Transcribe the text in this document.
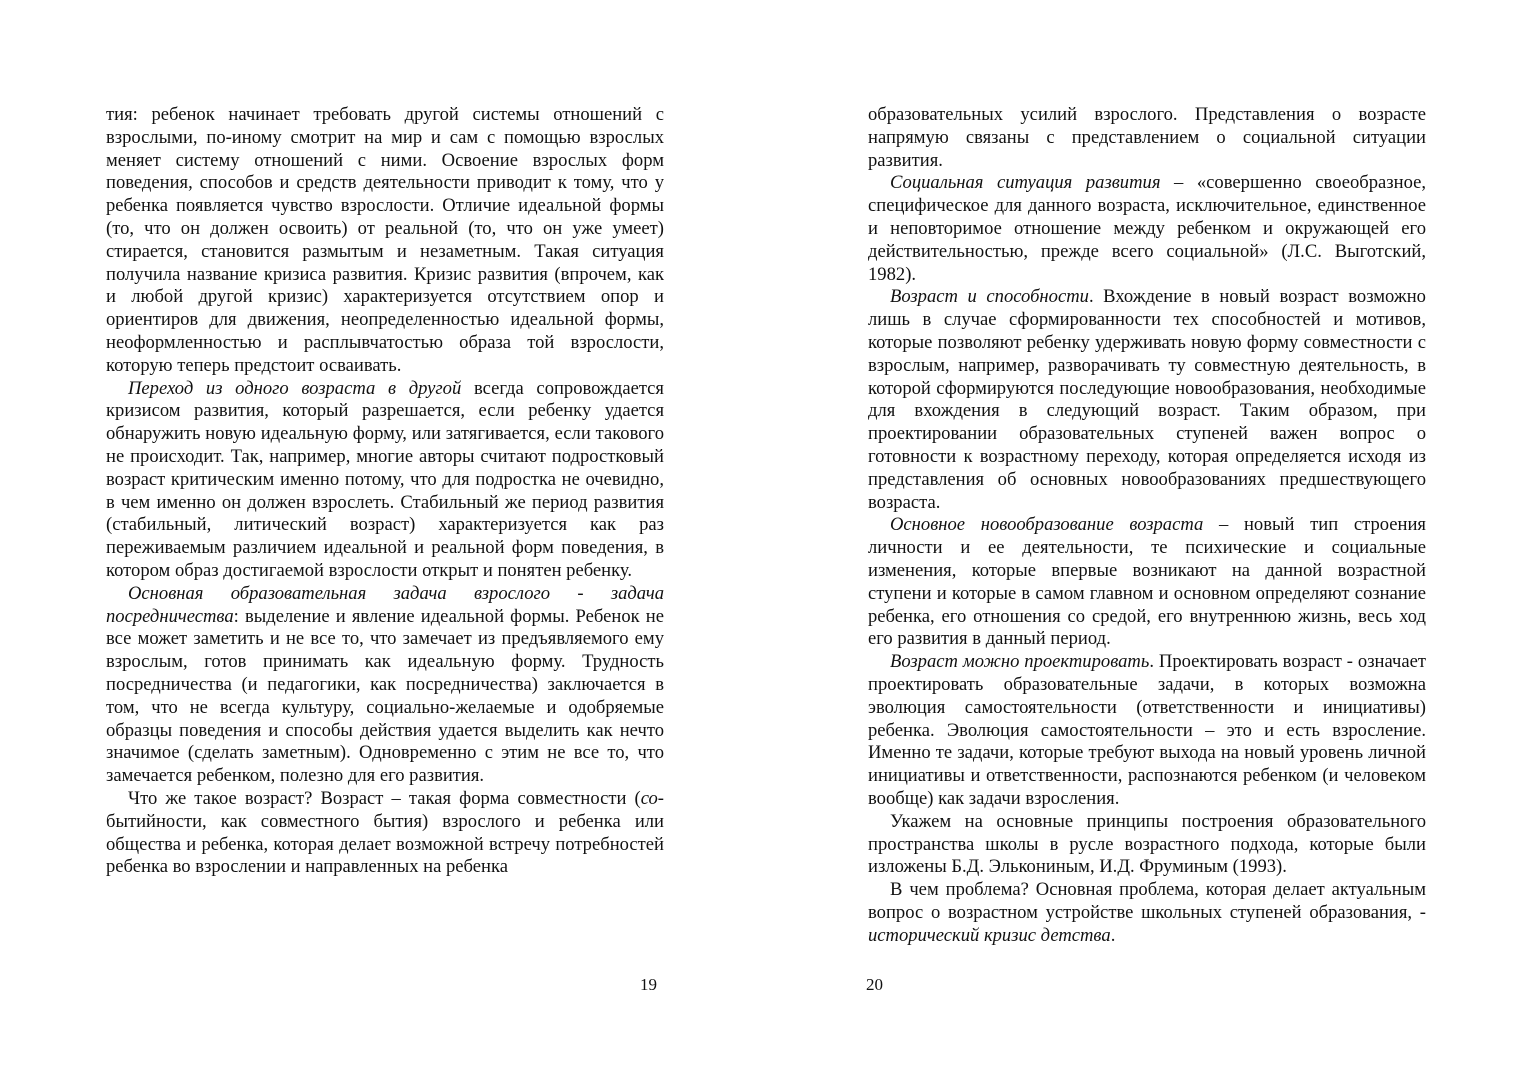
тия: ребенок начинает требовать другой системы отношений с взрослыми, по-иному смотрит на мир и сам с помощью взрослых меняет систему отношений с ними. Освоение взрослых форм поведения, способов и средств деятельности приводит к тому, что у ребенка появляется чувство взрослости. Отличие идеальной формы (то, что он должен освоить) от реальной (то, что он уже умеет) стирается, становится размытым и незаметным. Такая ситуация получила название кризиса развития. Кризис развития (впрочем, как и любой другой кризис) характеризуется отсутствием опор и ориентиров для движения, неопределенностью идеальной формы, неоформленностью и расплывчатостью образа той взрослости, которую теперь предстоит осваивать.

Переход из одного возраста в другой всегда сопровождается кризисом развития, который разрешается, если ребенку удается обнаружить новую идеальную форму, или затягивается, если такового не происходит. Так, например, многие авторы считают подростковый возраст критическим именно потому, что для подростка не очевидно, в чем именно он должен взрослеть. Стабильный же период развития (стабильный, литический возраст) характеризуется как раз переживаемым различием идеальной и реальной форм поведения, в котором образ достигаемой взрослости открыт и понятен ребенку.

Основная образовательная задача взрослого - задача посредничества: выделение и явление идеальной формы. Ребенок не все может заметить и не все то, что замечает из предъявляемого ему взрослым, готов принимать как идеальную форму. Трудность посредничества (и педагогики, как посредничества) заключается в том, что не всегда культуру, социально-желаемые и одобряемые образцы поведения и способы действия удается выделить как нечто значимое (сделать заметным). Одновременно с этим не все то, что замечается ребенком, полезно для его развития.

Что же такое возраст? Возраст – такая форма совместности (со-бытийности, как совместного бытия) взрослого и ребенка или общества и ребенка, которая делает возможной встречу потребностей ребенка во взрослении и направленных на ребенка

19

образовательных усилий взрослого. Представления о возрасте напрямую связаны с представлением о социальной ситуации развития.

Социальная ситуация развития – «совершенно своеобразное, специфическое для данного возраста, исключительное, единственное и неповторимое отношение между ребенком и окружающей его действительностью, прежде всего социальной» (Л.С. Выготский, 1982).

Возраст и способности. Вхождение в новый возраст возможно лишь в случае сформированности тех способностей и мотивов, которые позволяют ребенку удерживать новую форму совместности с взрослым, например, разворачивать ту совместную деятельность, в которой сформируются последующие новообразования, необходимые для вхождения в следующий возраст. Таким образом, при проектировании образовательных ступеней важен вопрос о готовности к возрастному переходу, которая определяется исходя из представления об основных новообразованиях предшествующего возраста.

Основное новообразование возраста – новый тип строения личности и ее деятельности, те психические и социальные изменения, которые впервые возникают на данной возрастной ступени и которые в самом главном и основном определяют сознание ребенка, его отношения со средой, его внутреннюю жизнь, весь ход его развития в данный период.

Возраст можно проектировать. Проектировать возраст - означает проектировать образовательные задачи, в которых возможна эволюция самостоятельности (ответственности и инициативы) ребенка. Эволюция самостоятельности – это и есть взросление. Именно те задачи, которые требуют выхода на новый уровень личной инициативы и ответственности, распознаются ребенком (и человеком вообще) как задачи взросления.

Укажем на основные принципы построения образовательного пространства школы в русле возрастного подхода, которые были изложены Б.Д. Элькониным, И.Д. Фруминым (1993).

В чем проблема? Основная проблема, которая делает актуальным вопрос о возрастном устройстве школьных ступеней образования, - исторический кризис детства.

20
